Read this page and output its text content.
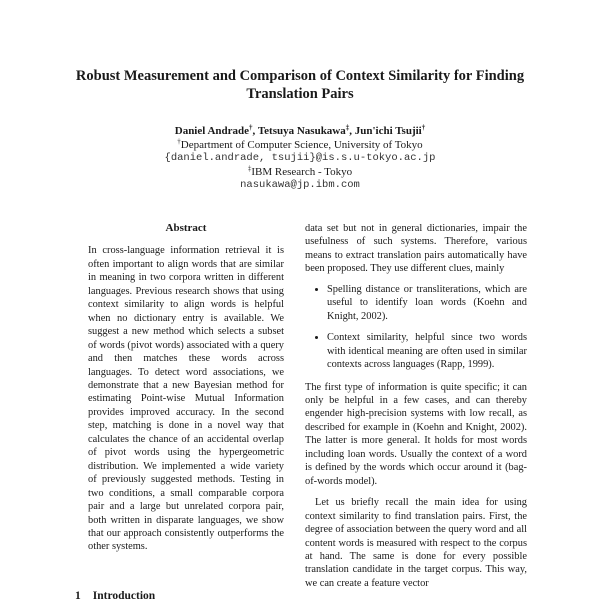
Robust Measurement and Comparison of Context Similarity for Finding Translation Pairs
Daniel Andrade†, Tetsuya Nasukawa‡, Jun'ichi Tsujii†
†Department of Computer Science, University of Tokyo
{daniel.andrade, tsujii}@is.s.u-tokyo.ac.jp
‡IBM Research - Tokyo
nasukawa@jp.ibm.com
Abstract

In cross-language information retrieval it is often important to align words that are similar in meaning in two corpora written in different languages. Previous research shows that using context similarity to align words is helpful when no dictionary entry is available. We suggest a new method which selects a subset of words (pivot words) associated with a query and then matches these words across languages. To detect word associations, we demonstrate that a new Bayesian method for estimating Point-wise Mutual Information provides improved accuracy. In the second step, matching is done in a novel way that calculates the chance of an accidental overlap of pivot words using the hypergeometric distribution. We implemented a wide variety of previously suggested methods. Testing in two conditions, a small comparable corpora pair and a large but unrelated corpora pair, both written in disparate languages, we show that our approach consistently outperforms the other systems.

1 Introduction

data set but not in general dictionaries, impair the usefulness of such systems. Therefore, various means to extract translation pairs automatically have been proposed. They use different clues, mainly

• Spelling distance or transliterations, which are useful to identify loan words (Koehn and Knight, 2002).
• Context similarity, helpful since two words with identical meaning are often used in similar contexts across languages (Rapp, 1999).

The first type of information is quite specific; it can only be helpful in a few cases, and can thereby engender high-precision systems with low recall, as described for example in (Koehn and Knight, 2002). The latter is more general. It holds for most words including loan words. Usually the context of a word is defined by the words which occur around it (bag-of-words model).

Let us briefly recall the main idea for using context similarity to find translation pairs. First, the degree of association between the query word and all content words is measured with respect to the corpus at hand. The same is done for every possible translation candidate in the target corpus. This way, we can create a feature vector
